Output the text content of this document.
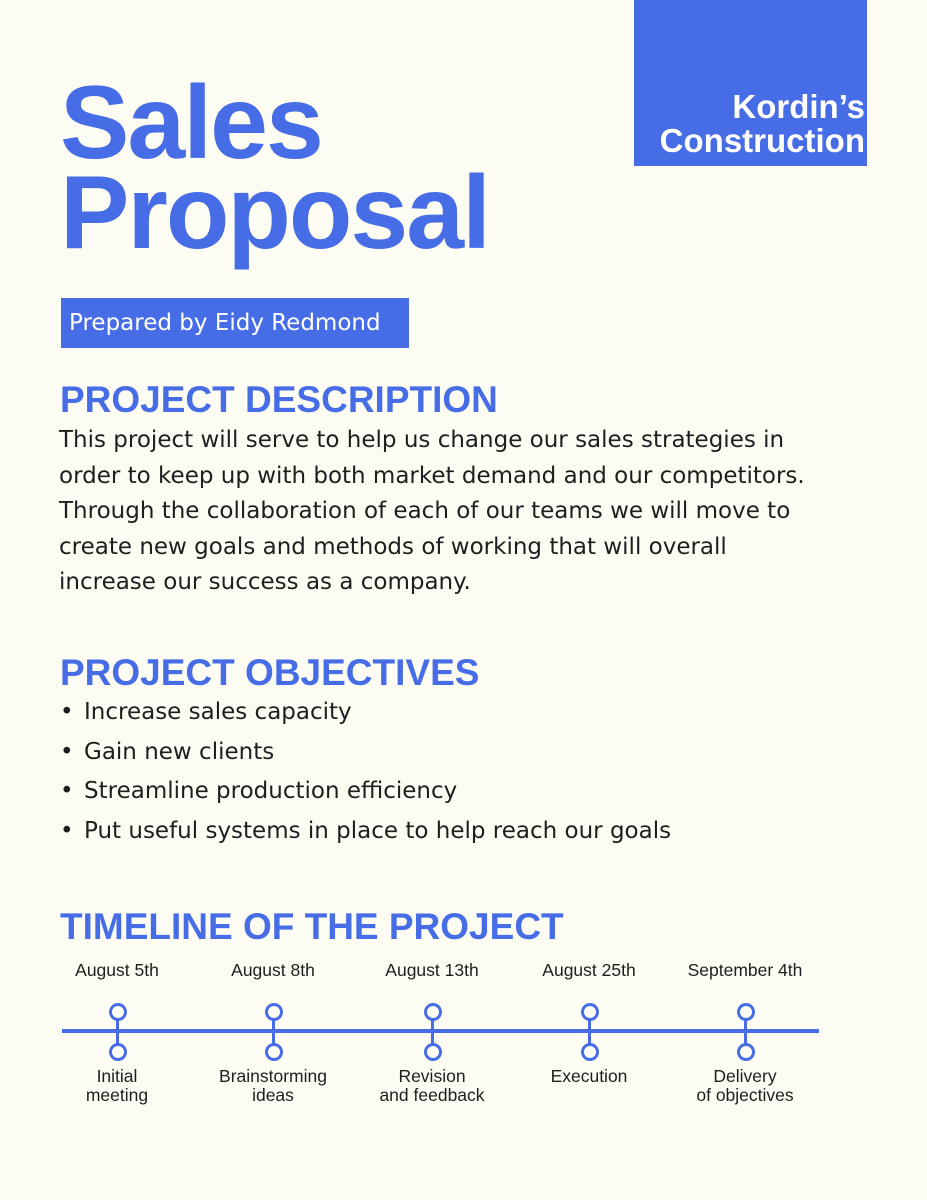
Kordin’s
Construction
Sales
Proposal
Prepared by Eidy Redmond
PROJECT DESCRIPTION

This project will serve to help us change our sales strategies in order to keep up with both market demand and our competitors. Through the collaboration of each of our teams we will move to create new goals and methods of working that will overall increase our success as a company.

PROJECT OBJECTIVES
• Increase sales capacity
• Gain new clients
• Streamline production efficiency
• Put useful systems in place to help reach our goals
TIMELINE OF THE PROJECT
August 5th
Initial
meeting
August 8th
Brainstorming
ideas
August 13th
Revision
and feedback
August 25th
Execution
September 4th
Delivery
of objectives
